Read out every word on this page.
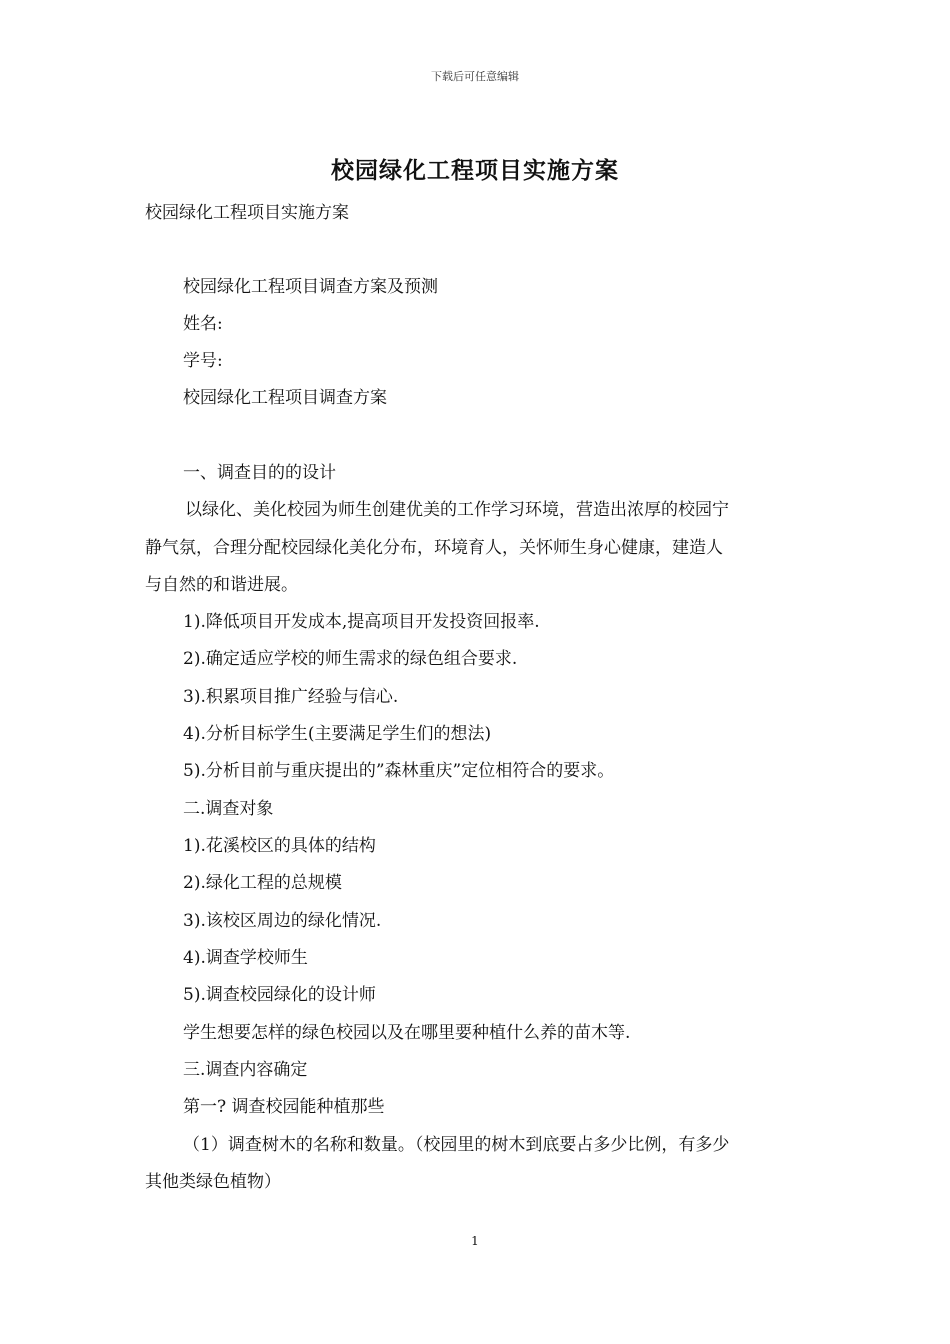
下载后可任意编辑
校园绿化工程项目实施方案
校园绿化工程项目实施方案
校园绿化工程项目调查方案及预测
姓名:
学号:
校园绿化工程项目调查方案
一、调查目的的设计
以绿化、美化校园为师生创建优美的工作学习环境，营造出浓厚的校园宁
静气氛，合理分配校园绿化美化分布，环境育人，关怀师生身心健康，建造人
与自然的和谐进展。
1).降低项目开发成本,提高项目开发投资回报率.
2).确定适应学校的师生需求的绿色组合要求.
3).积累项目推广经验与信心.
4).分析目标学生(主要满足学生们的想法)
5).分析目前与重庆提出的”森林重庆”定位相符合的要求。
二.调查对象
1).花溪校区的具体的结构
2).绿化工程的总规模
3).该校区周边的绿化情况.
4).调查学校师生
5).调查校园绿化的设计师
学生想要怎样的绿色校园以及在哪里要种植什么养的苗木等.
三.调查内容确定
第一? 调查校园能种植那些
（1）调查树木的名称和数量。（校园里的树木到底要占多少比例，有多少
其他类绿色植物）
1
